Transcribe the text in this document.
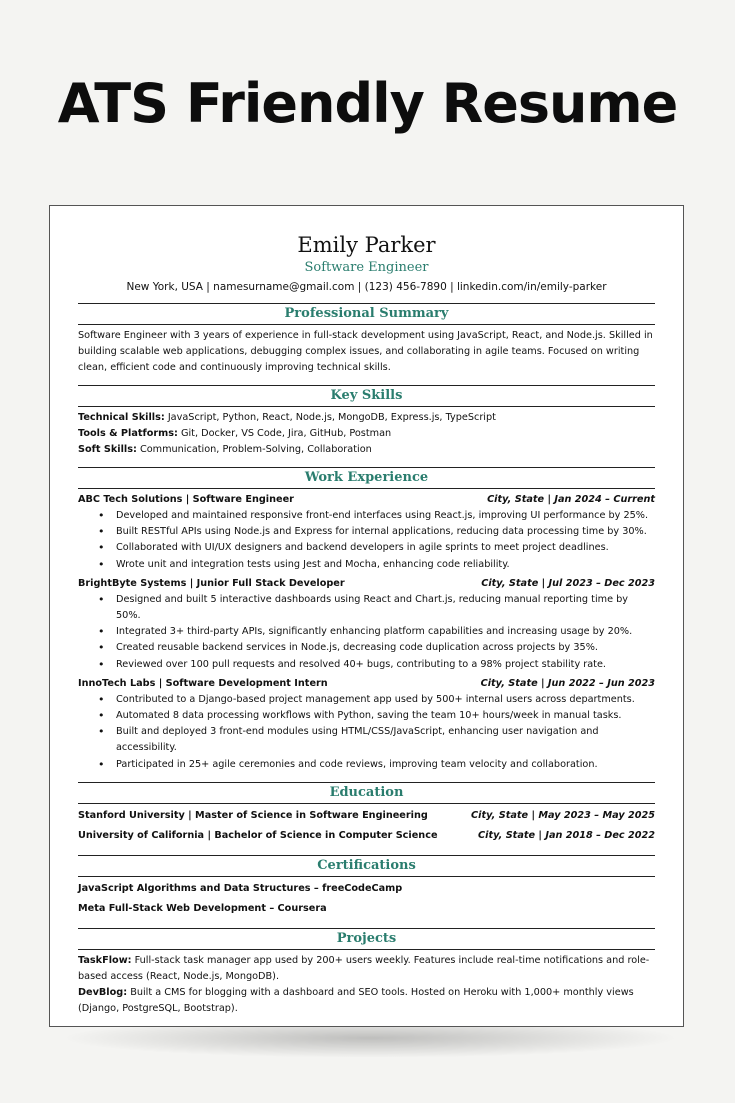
ATS Friendly Resume

Emily Parker

Software Engineer

New York, USA | namesurname@gmail.com | (123) 456-7890 | linkedin.com/in/emily-parker

Professional Summary

Software Engineer with 3 years of experience in full-stack development using JavaScript, React, and Node.js. Skilled in building scalable web applications, debugging complex issues, and collaborating in agile teams. Focused on writing clean, efficient code and continuously improving technical skills.

Key Skills

Technical Skills: JavaScript, Python, React, Node.js, MongoDB, Express.js, TypeScript

Tools & Platforms: Git, Docker, VS Code, Jira, GitHub, Postman

Soft Skills: Communication, Problem-Solving, Collaboration

Work Experience
ABC Tech Solutions | Software Engineer	City, State | Jan 2024 – Current
• Developed and maintained responsive front-end interfaces using React.js, improving UI performance by 25%.
• Built RESTful APIs using Node.js and Express for internal applications, reducing data processing time by 30%.
• Collaborated with UI/UX designers and backend developers in agile sprints to meet project deadlines.
• Wrote unit and integration tests using Jest and Mocha, enhancing code reliability.
BrightByte Systems | Junior Full Stack Developer	City, State | Jul 2023 – Dec 2023
• Designed and built 5 interactive dashboards using React and Chart.js, reducing manual reporting time by 50%.
• Integrated 3+ third-party APIs, significantly enhancing platform capabilities and increasing usage by 20%.
• Created reusable backend services in Node.js, decreasing code duplication across projects by 35%.
• Reviewed over 100 pull requests and resolved 40+ bugs, contributing to a 98% project stability rate.
InnoTech Labs | Software Development Intern	City, State | Jun 2022 – Jun 2023
• Contributed to a Django-based project management app used by 500+ internal users across departments.
• Automated 8 data processing workflows with Python, saving the team 10+ hours/week in manual tasks.
• Built and deployed 3 front-end modules using HTML/CSS/JavaScript, enhancing user navigation and accessibility.
• Participated in 25+ agile ceremonies and code reviews, improving team velocity and collaboration.
Education
Stanford University | Master of Science in Software Engineering	City, State | May 2023 – May 2025
University of California | Bachelor of Science in Computer Science	City, State | Jan 2018 – Dec 2022
Certifications

JavaScript Algorithms and Data Structures – freeCodeCamp

Meta Full-Stack Web Development – Coursera

Projects

TaskFlow: Full-stack task manager app used by 200+ users weekly. Features include real-time notifications and role-based access (React, Node.js, MongoDB).

DevBlog: Built a CMS for blogging with a dashboard and SEO tools. Hosted on Heroku with 1,000+ monthly views (Django, PostgreSQL, Bootstrap).
